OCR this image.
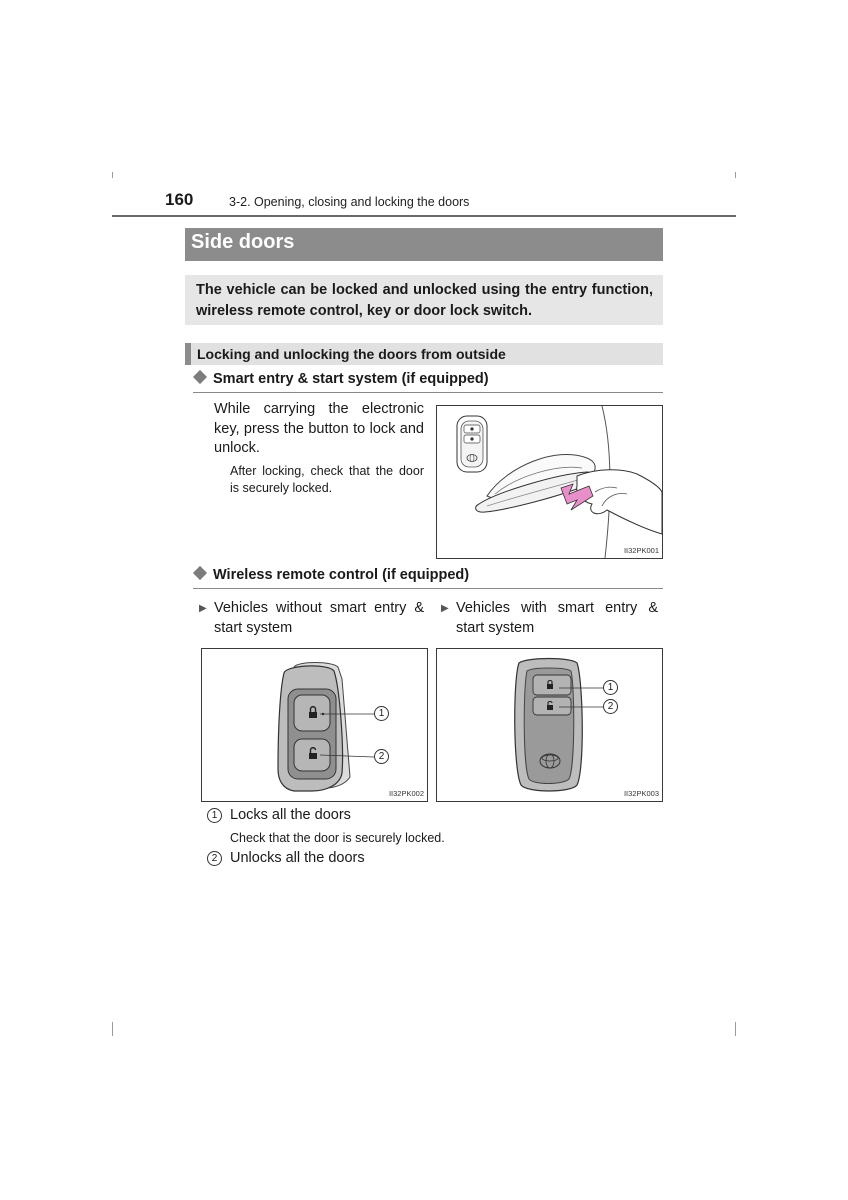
160	3-2. Opening, closing and locking the doors
Side doors
The vehicle can be locked and unlocked using the entry function, wireless remote control, key or door lock switch.
Locking and unlocking the doors from outside
Smart entry & start system (if equipped)
While carrying the electronic key, press the button to lock and unlock.
After locking, check that the door is securely locked.
II32PK001
Wireless remote control (if equipped)
▶ Vehicles without smart entry & start system
▶ Vehicles with smart entry & start system
1
2
II32PK002
1
2
II32PK003
1 Locks all the doors
Check that the door is securely locked.
2 Unlocks all the doors
